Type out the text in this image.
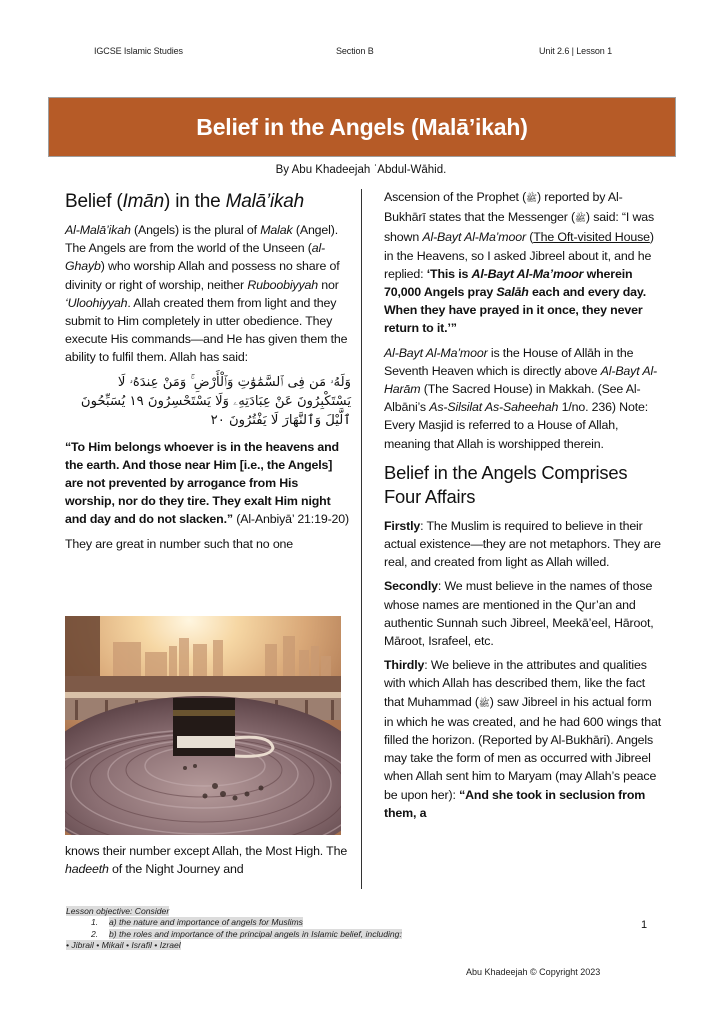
IGCSE Islamic Studies	Section B	Unit 2.6 | Lesson 1
Belief in the Angels (Malā’ikah)
By Abu Khadeejah ʿAbdul-Wāhid.
Belief (Imān) in the Malā’ikah

Al-Malā’ikah (Angels) is the plural of Malak (Angel). The Angels are from the world of the Unseen (al-Ghayb) who worship Allah and possess no share of divinity or right of worship, neither Ruboobiyyah nor ‘Uloohiyyah. Allah created them from light and they submit to Him completely in utter obedience. They execute His commands—and He has given them the ability to fulfil them. Allah has said:

وَلَهُۥ مَن فِى ٱلسَّمَٰوَٰتِ وَٱلْأَرْضِ ۚ وَمَنْ عِندَهُۥ لَا يَسْتَكْبِرُونَ عَنْ عِبَادَتِهِۦ وَلَا يَسْتَحْسِرُونَ ١٩ يُسَبِّحُونَ ٱلَّيْلَ وَٱلنَّهَارَ لَا يَفْتُرُونَ ٢٠

“To Him belongs whoever is in the heavens and the earth. And those near Him [i.e., the Angels] are not prevented by arrogance from His worship, nor do they tire. They exalt Him night and day and do not slacken.” (Al-Anbiyā’ 21:19-20)

They are great in number such that no one

knows their number except Allah, the Most High. The hadeeth of the Night Journey and

Ascension of the Prophet (ﷺ) reported by Al-Bukhārī states that the Messenger (ﷺ) said: “I was shown Al-Bayt Al-Ma’moor (The Oft-visited House) in the Heavens, so I asked Jibreel about it, and he replied: ‘This is Al-Bayt Al-Ma’moor wherein 70,000 Angels pray Salāh each and every day. When they have prayed in it once, they never return to it.’”

Al-Bayt Al-Ma’moor is the House of Allāh in the Seventh Heaven which is directly above Al-Bayt Al-Harām (The Sacred House) in Makkah. (See Al-Albāni’s As-Silsilat As-Saheehah 1/no. 236) Note: Every Masjid is referred to a House of Allah, meaning that Allah is worshipped therein.

Belief in the Angels Comprises Four Affairs

Firstly: The Muslim is required to believe in their actual existence—they are not metaphors. They are real, and created from light as Allah willed.

Secondly: We must believe in the names of those whose names are mentioned in the Qur’an and authentic Sunnah such Jibreel, Meekā’eel, Hāroot, Māroot, Israfeel, etc.

Thirdly: We believe in the attributes and qualities with which Allah has described them, like the fact that Muhammad (ﷺ) saw Jibreel in his actual form in which he was created, and he had 600 wings that filled the horizon. (Reported by Al-Bukhāri). Angels may take the form of men as occurred with Jibreel when Allah sent him to Maryam (may Allah’s peace be upon her): “And she took in seclusion from them, a

Lesson objective: Consider
1. a) the nature and importance of angels for Muslims
2. b) the roles and importance of the principal angels in Islamic belief, including:
• Jibrail • Mikail • Israfil • Izrael
1
Abu Khadeejah © Copyright 2023
